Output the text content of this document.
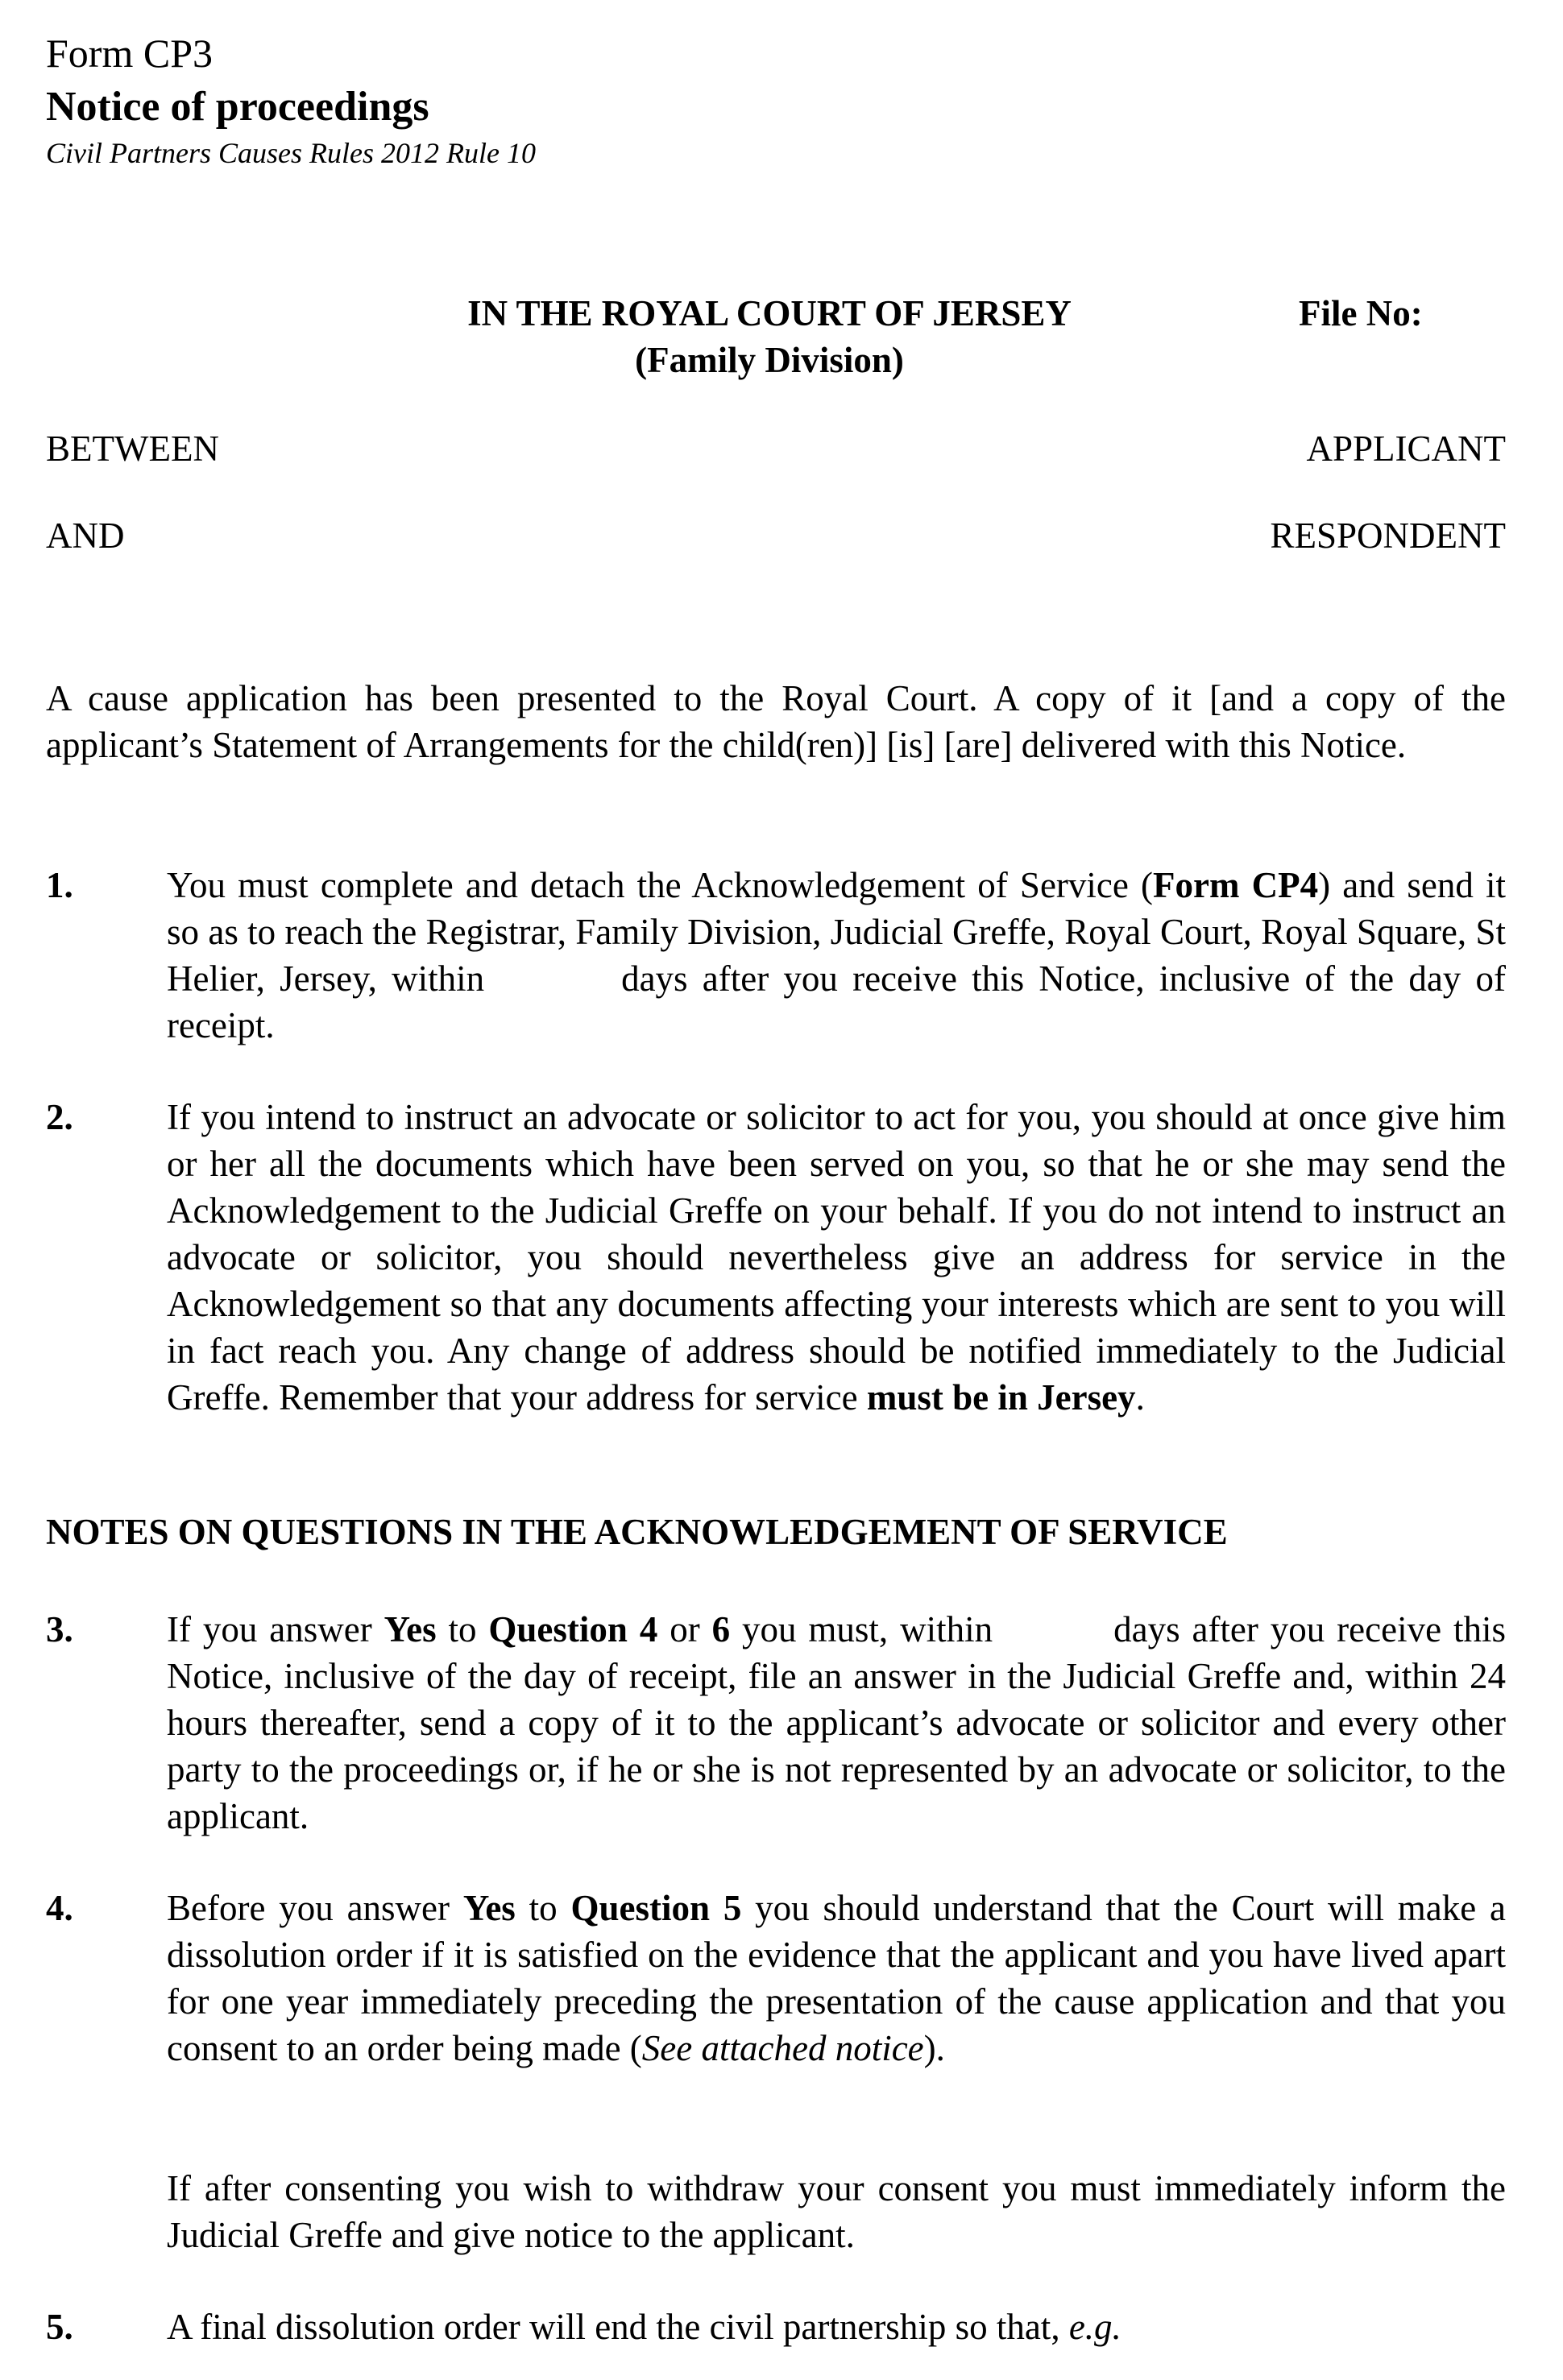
Form CP3
Notice of proceedings
Civil Partners Causes Rules 2012 Rule 10
IN THE ROYAL COURT OF JERSEY
(Family Division)
File No:
BETWEEN	APPLICANT
AND	RESPONDENT

A cause application has been presented to the Royal Court. A copy of it [and a copy of the applicant’s Statement of Arrangements for the child(ren)] [is] [are] delivered with this Notice.

1.	You must complete and detach the Acknowledgement of Service (Form CP4) and send it so as to reach the Registrar, Family Division, Judicial Greffe, Royal Court, Royal Square, St Helier, Jersey, within	days after you receive this Notice, inclusive of the day of receipt.

2.	If you intend to instruct an advocate or solicitor to act for you, you should at once give him or her all the documents which have been served on you, so that he or she may send the Acknowledgement to the Judicial Greffe on your behalf. If you do not intend to instruct an advocate or solicitor, you should nevertheless give an address for service in the Acknowledgement so that any documents affecting your interests which are sent to you will in fact reach you. Any change of address should be notified immediately to the Judicial Greffe. Remember that your address for service must be in Jersey.

NOTES ON QUESTIONS IN THE ACKNOWLEDGEMENT OF SERVICE
3.	If you answer Yes to Question 4 or 6 you must, within	days after you receive this Notice, inclusive of the day of receipt, file an answer in the Judicial Greffe and, within 24 hours thereafter, send a copy of it to the applicant’s advocate or solicitor and every other party to the proceedings or, if he or she is not represented by an advocate or solicitor, to the applicant.

4.	Before you answer Yes to Question 5 you should understand that the Court will make a dissolution order if it is satisfied on the evidence that the applicant and you have lived apart for one year immediately preceding the presentation of the cause application and that you consent to an order being made (See attached notice).

If after consenting you wish to withdraw your consent you must immediately inform the Judicial Greffe and give notice to the applicant.

5.	A final dissolution order will end the civil partnership so that, e.g.
